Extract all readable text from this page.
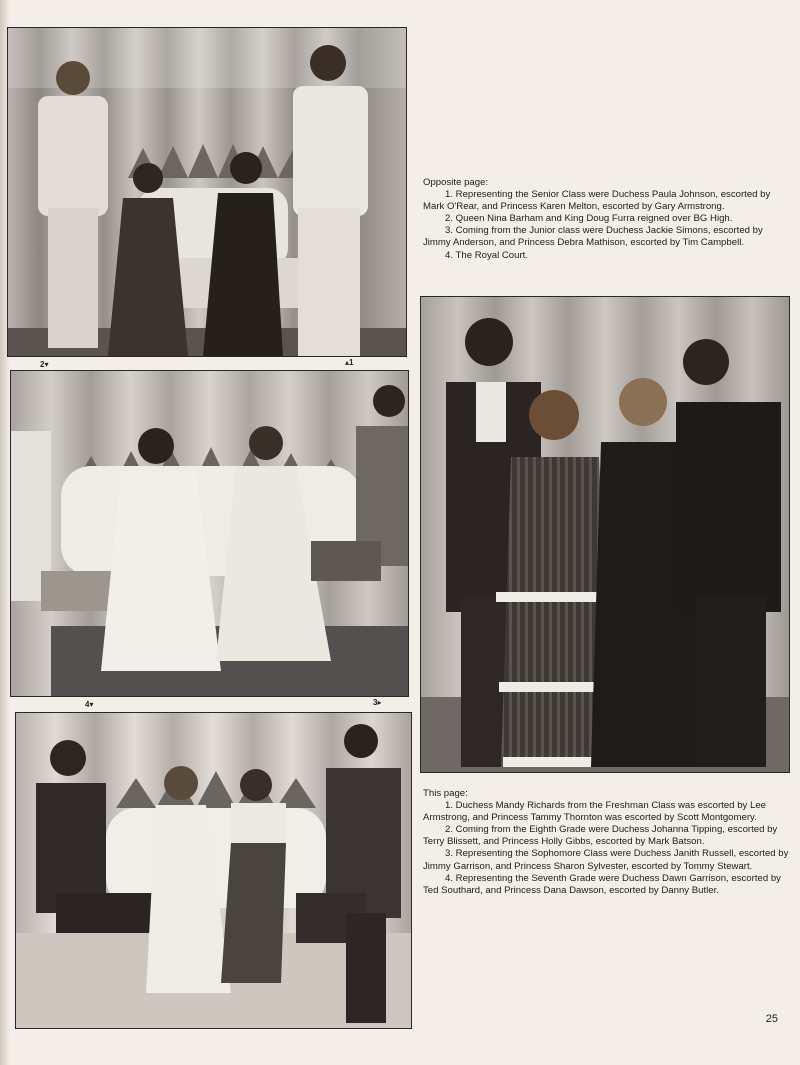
2▾	▴1
4▾	3▸
Opposite page:
1. Representing the Senior Class were Duchess Paula Johnson, escorted by Mark O'Rear, and Princess Karen Melton, escorted by Gary Armstrong.
2. Queen Nina Barham and King Doug Furra reigned over BG High.
3. Coming from the Junior class were Duchess Jackie Simons, escorted by Jimmy Anderson, and Princess Debra Mathison, escorted by Tim Campbell.
4. The Royal Court.
This page:
1. Duchess Mandy Richards from the Freshman Class was escorted by Lee Armstrong, and Princess Tammy Thornton was escorted by Scott Montgomery.
2. Coming from the Eighth Grade were Duchess Johanna Tipping, escorted by Terry Blissett, and Princess Holly Gibbs, escorted by Mark Batson.
3. Representing the Sophomore Class were Duchess Janith Russell, escorted by Jimmy Garrison, and Princess Sharon Sylvester, escorted by Tommy Stewart.
4. Representing the Seventh Grade were Duchess Dawn Garrison, escorted by Ted Southard, and Princess Dana Dawson, escorted by Danny Butler.
25
